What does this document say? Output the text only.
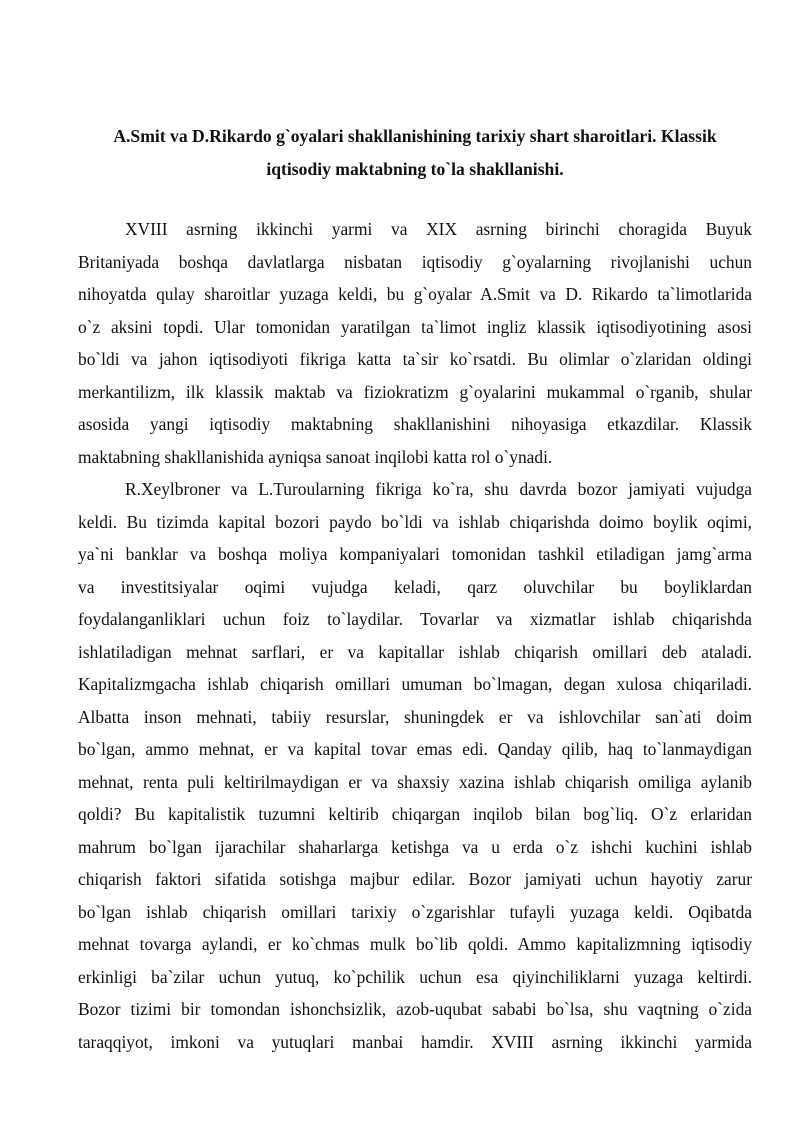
A.Smit va D.Rikardo g`oyalari shakllanishining tarixiy shart sharoitlari. Klassik
iqtisodiy maktabning to`la shakllanishi.
XVIII asrning ikkinchi yarmi va XIX asrning birinchi choragida Buyuk
Britaniyada boshqa davlatlarga nisbatan iqtisodiy g`oyalarning rivojlanishi uchun
nihoyatda qulay sharoitlar yuzaga keldi, bu g`oyalar A.Smit va D. Rikardo ta`limotlarida
o`z aksini topdi. Ular tomonidan yaratilgan ta`limot ingliz klassik iqtisodiyotining asosi
bo`ldi va jahon iqtisodiyoti fikriga katta ta`sir ko`rsatdi. Bu olimlar o`zlaridan oldingi
merkantilizm, ilk klassik maktab va fiziokratizm g`oyalarini mukammal o`rganib, shular
asosida yangi iqtisodiy maktabning shakllanishini nihoyasiga etkazdilar. Klassik
maktabning shakllanishida ayniqsa sanoat inqilobi katta rol o`ynadi.
R.Xeylbroner va L.Turoularning fikriga ko`ra, shu davrda bozor jamiyati vujudga
keldi. Bu tizimda kapital bozori paydo bo`ldi va ishlab chiqarishda doimo boylik oqimi,
ya`ni banklar va boshqa moliya kompaniyalari tomonidan tashkil etiladigan jamg`arma
va investitsiyalar oqimi vujudga keladi, qarz oluvchilar bu boyliklardan
foydalanganliklari uchun foiz to`laydilar. Tovarlar va xizmatlar ishlab chiqarishda
ishlatiladigan mehnat sarflari, er va kapitallar ishlab chiqarish omillari deb ataladi.
Kapitalizmgacha ishlab chiqarish omillari umuman bo`lmagan, degan xulosa chiqariladi.
Albatta inson mehnati, tabiiy resurslar, shuningdek er va ishlovchilar san`ati doim
bo`lgan, ammo mehnat, er va kapital tovar emas edi. Qanday qilib, haq to`lanmaydigan
mehnat, renta puli keltirilmaydigan er va shaxsiy xazina ishlab chiqarish omiliga aylanib
qoldi? Bu kapitalistik tuzumni keltirib chiqargan inqilob bilan bog`liq. O`z erlaridan
mahrum bo`lgan ijarachilar shaharlarga ketishga va u erda o`z ishchi kuchini ishlab
chiqarish faktori sifatida sotishga majbur edilar. Bozor jamiyati uchun hayotiy zarur
bo`lgan ishlab chiqarish omillari tarixiy o`zgarishlar tufayli yuzaga keldi. Oqibatda
mehnat tovarga aylandi, er ko`chmas mulk bo`lib qoldi. Ammo kapitalizmning iqtisodiy
erkinligi ba`zilar uchun yutuq, ko`pchilik uchun esa qiyinchiliklarni yuzaga keltirdi.
Bozor tizimi bir tomondan ishonchsizlik, azob-uqubat sababi bo`lsa, shu vaqtning o`zida
taraqqiyot, imkoni va yutuqlari manbai hamdir. XVIII asrning ikkinchi yarmida
